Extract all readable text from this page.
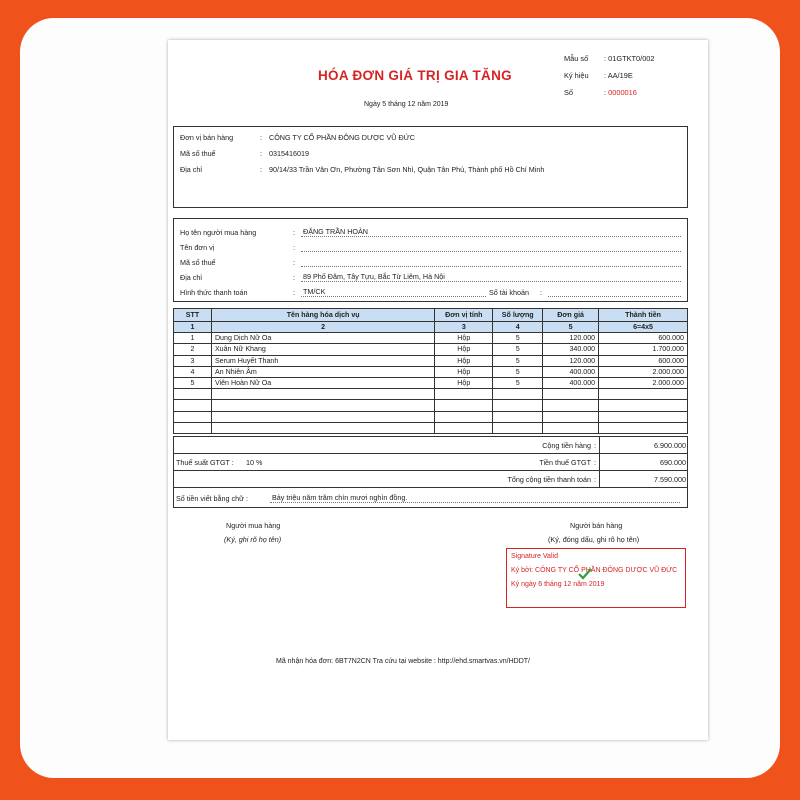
HÓA ĐƠN GIÁ TRỊ GIA TĂNG
Ngày 5 tháng 12 năm 2019
Mẫu số : 01GTKT0/002
Ký hiệu : AA/19E
Số	: 0000016
Đơn vị bán hàng	: CÔNG TY CỔ PHẦN ĐÔNG DƯỢC VŨ ĐỨC
Mã số thuế	: 0315416019
Địa chỉ	: 90/14/33 Trần Văn Ơn, Phường Tân Sơn Nhì, Quận Tân Phú, Thành phố Hồ Chí Minh
Họ tên người mua hàng	: ĐẶNG TRẦN HOÀN
Tên đơn vị	:
Mã số thuế	:
Địa chỉ	: 89 Phố Đăm, Tây Tựu, Bắc Từ Liêm, Hà Nội
Hình thức thanh toán	: TM/CK	Số tài khoản :
STT	Tên hàng hóa dịch vụ	Đơn vị tính	Số lượng	Đơn giá	Thành tiền
1	2	3	4	5	6=4x5
1	Dung Dịch Nữ Oa	Hộp	5	120.000	600.000
2	Xuân Nữ Khang	Hộp	5	340.000	1.700.000
3	Serum Huyết Thanh	Hộp	5	120.000	600.000
4	An Nhiên Âm	Hộp	5	400.000	2.000.000
5	Viên Hoàn Nữ Oa	Hộp	5	400.000	2.000.000

Cộng tiền hàng :	6.900.000
Thuế suất GTGT : 10 %	Tiền thuế GTGT :	690.000
Tổng cộng tiền thanh toán :	7.590.000
Số tiền viết bằng chữ :	Bảy triệu năm trăm chín mươi nghìn đồng.
Người mua hàng
(Ký, ghi rõ họ tên)
Người bán hàng
(Ký, đóng dấu, ghi rõ họ tên)
Signature Valid
Ký bởi: CÔNG TY CỔ PHẦN ĐÔNG DƯỢC VŨ ĐỨC
Ký ngày 6 tháng 12 năm 2019
Mã nhận hóa đơn: 6BT7N2CN Tra cứu tại website : http://ehd.smartvas.vn/HDDT/
